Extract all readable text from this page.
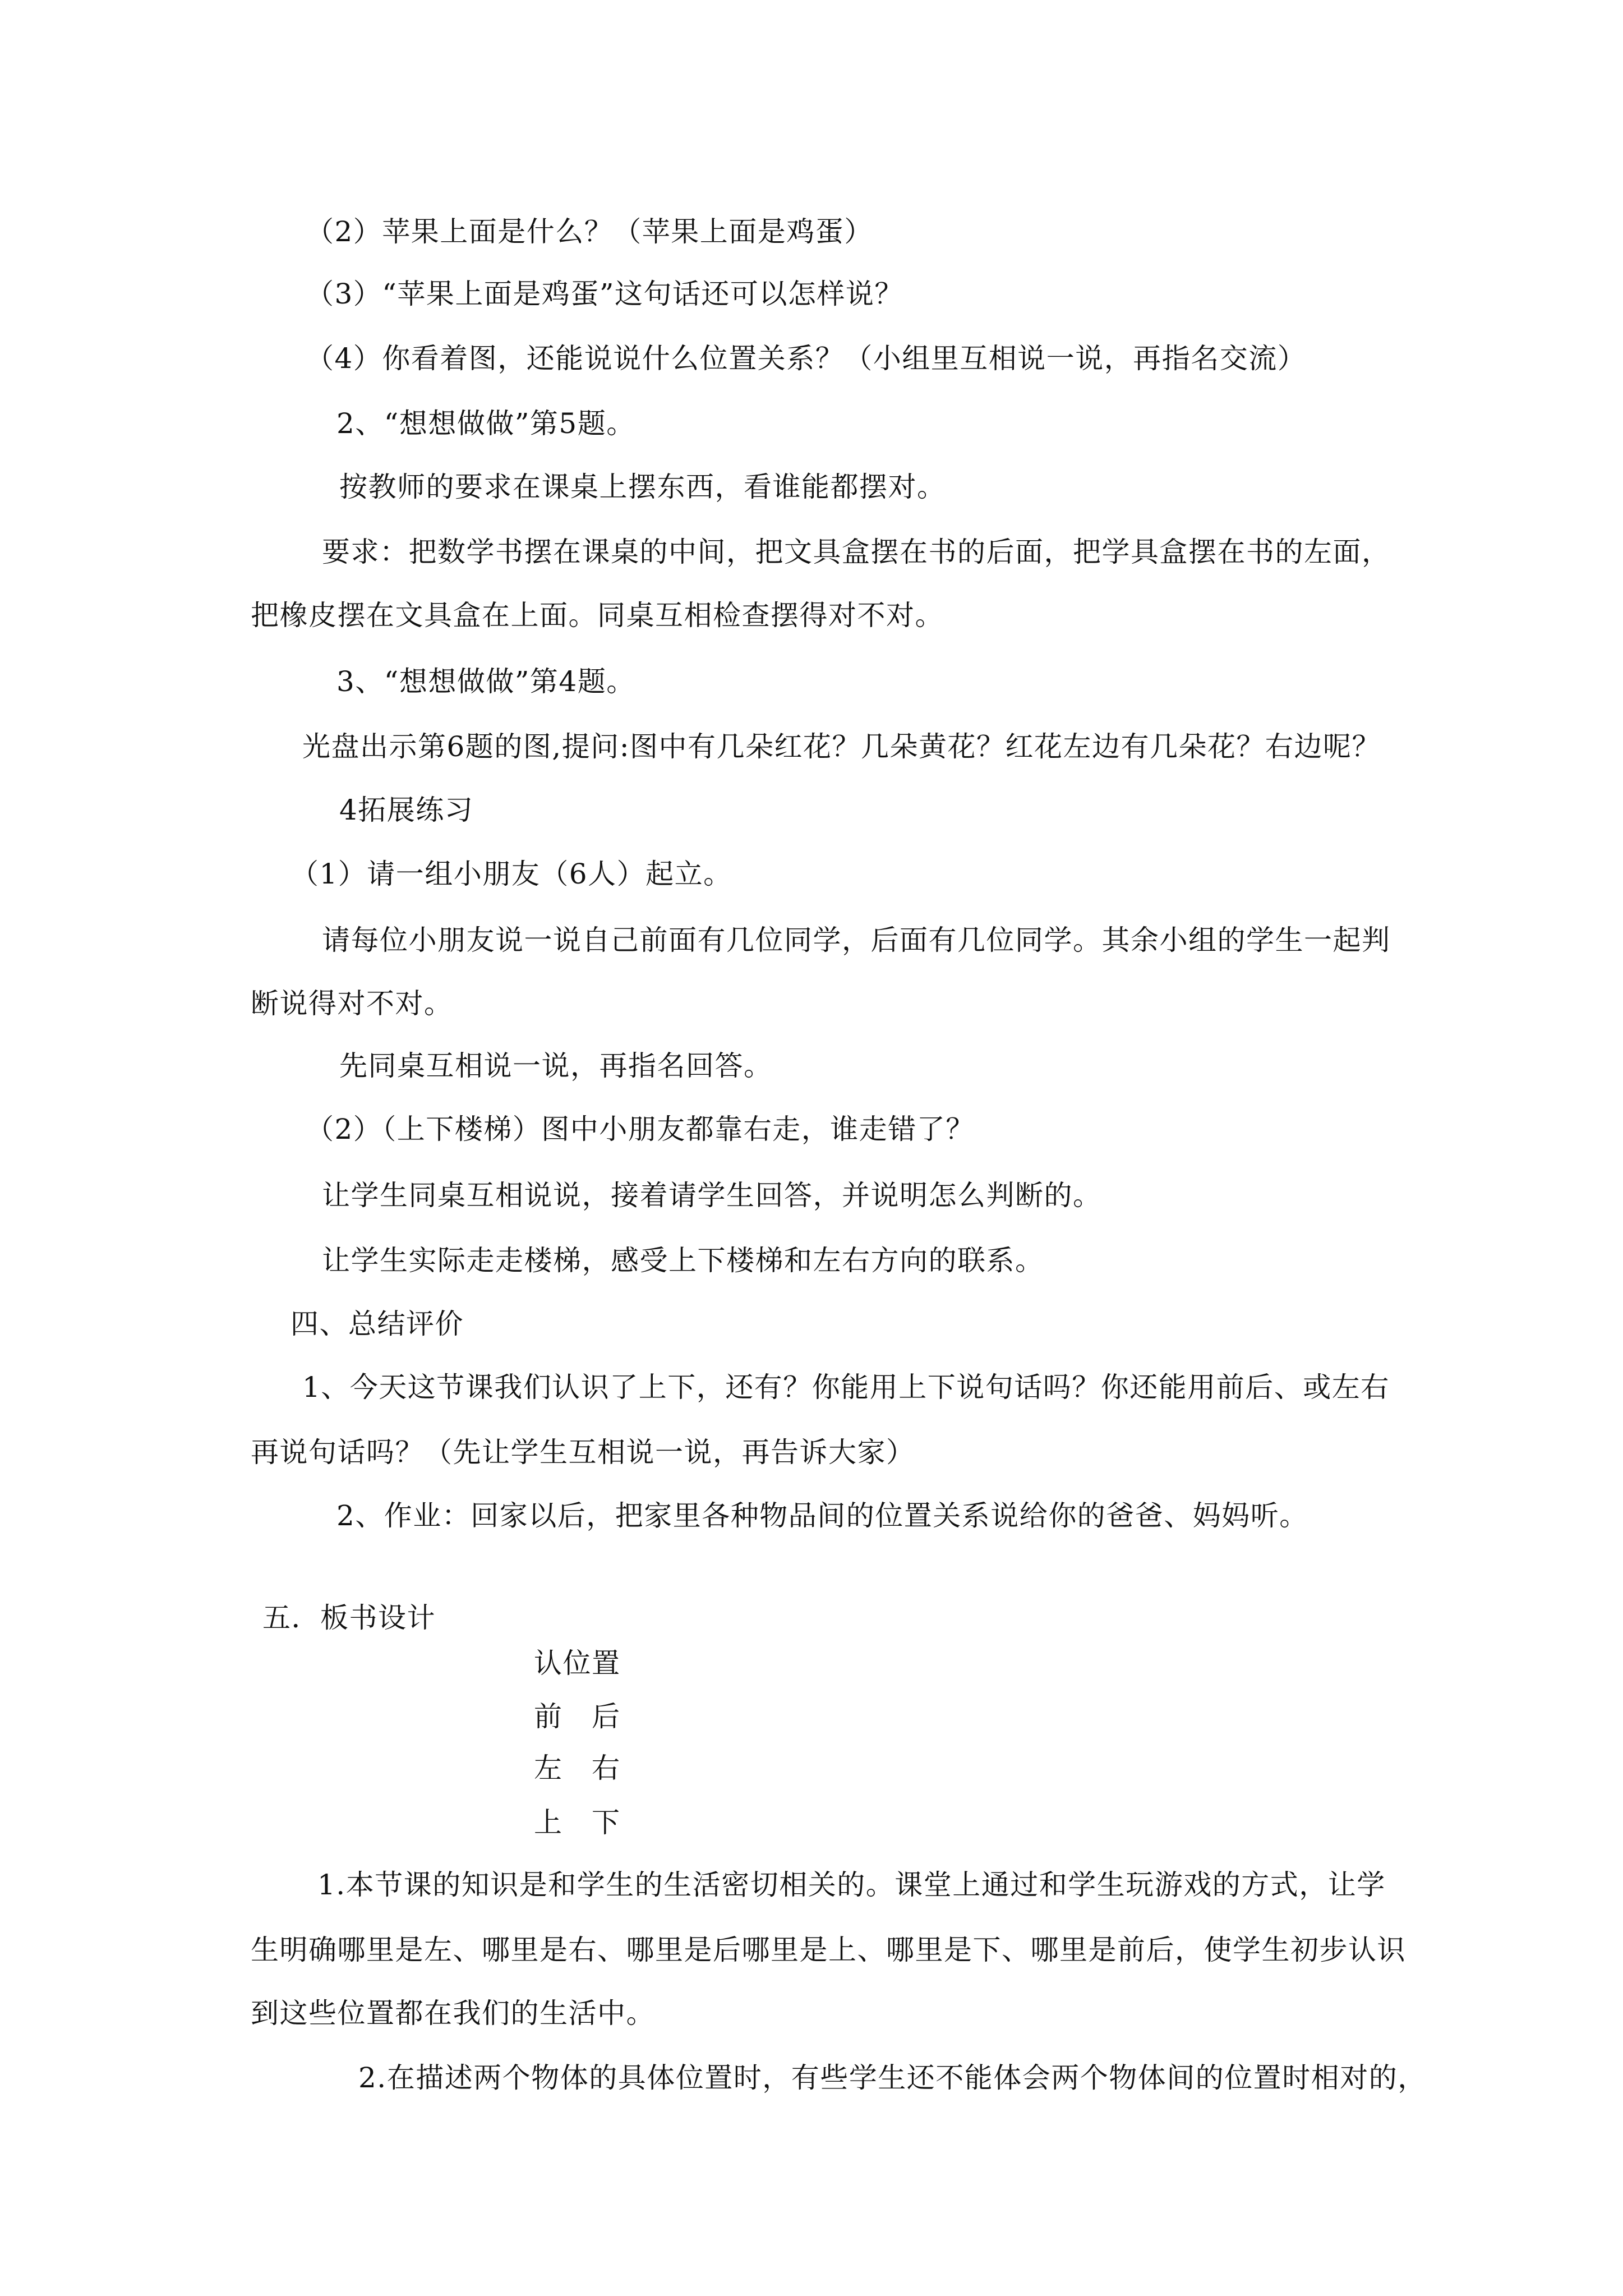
（2）苹果上面是什么？（苹果上面是鸡蛋）
（3）“苹果上面是鸡蛋”这句话还可以怎样说？
（4）你看着图，还能说说什么位置关系？（小组里互相说一说，再指名交流）
2、“想想做做”第5题。
按教师的要求在课桌上摆东西，看谁能都摆对。
要求：把数学书摆在课桌的中间，把文具盒摆在书的后面，把学具盒摆在书的左面，
把橡皮摆在文具盒在上面。同桌互相检查摆得对不对。
3、“想想做做”第4题。
光盘出示第6题的图,提问:图中有几朵红花？几朵黄花？红花左边有几朵花？右边呢？
4拓展练习
（1）请一组小朋友（6人）起立。
请每位小朋友说一说自己前面有几位同学，后面有几位同学。其余小组的学生一起判
断说得对不对。
先同桌互相说一说，再指名回答。
（2）（上下楼梯）图中小朋友都靠右走，谁走错了？
让学生同桌互相说说，接着请学生回答，并说明怎么判断的。
让学生实际走走楼梯，感受上下楼梯和左右方向的联系。
四、总结评价
1、今天这节课我们认识了上下，还有？你能用上下说句话吗？你还能用前后、或左右
再说句话吗？（先让学生互相说一说，再告诉大家）
2、作业：回家以后，把家里各种物品间的位置关系说给你的爸爸、妈妈听。
五．板书设计
认位置
前　后
左　右
上　下
1.本节课的知识是和学生的生活密切相关的。课堂上通过和学生玩游戏的方式，让学
生明确哪里是左、哪里是右、哪里是后哪里是上、哪里是下、哪里是前后，使学生初步认识
到这些位置都在我们的生活中。
2.在描述两个物体的具体位置时，有些学生还不能体会两个物体间的位置时相对的，
